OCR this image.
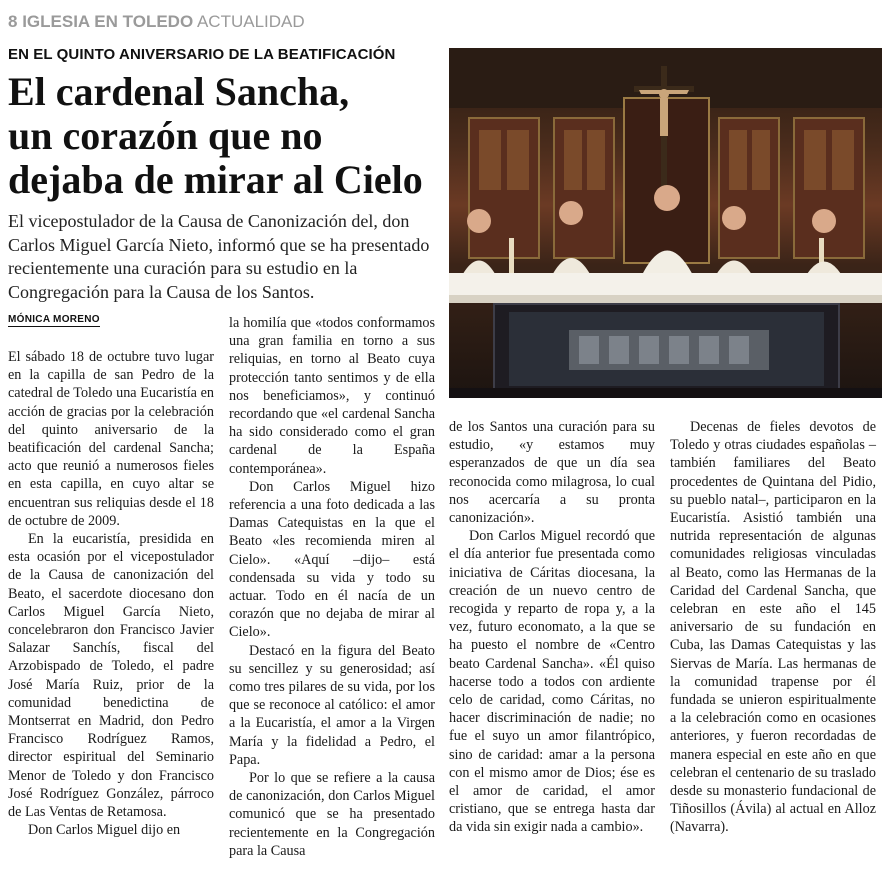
8 IGLESIA EN TOLEDO ACTUALIDAD
EN EL QUINTO ANIVERSARIO DE LA BEATIFICACIÓN
El cardenal Sancha,
un corazón que no
dejaba de mirar al Cielo

El vicepostulador de la Causa de Canonización del, don Carlos Miguel García Nieto, informó que se ha presentado recientemente una curación para su estudio en la Congregación para la Causa de los Santos.

MÓNICA MORENO

El sábado 18 de octubre tuvo lugar en la capilla de san Pedro de la catedral de Toledo una Eucaristía en acción de gracias por la celebración del quinto aniversario de la beatificación del cardenal Sancha; acto que reunió a numerosos fieles en esta capilla, en cuyo altar se encuentran sus reliquias desde el 18 de octubre de 2009.

En la eucaristía, presidida en esta ocasión por el vicepostulador de la Causa de canonización del Beato, el sacerdote diocesano don Carlos Miguel García Nieto, concelebraron don Francisco Javier Salazar Sanchís, fiscal del Arzobispado de Toledo, el padre José María Ruiz, prior de la comunidad benedictina de Montserrat en Madrid, don Pedro Francisco Rodríguez Ramos, director espiritual del Seminario Menor de Toledo y don Francisco José Rodríguez González, párroco de Las Ventas de Retamosa.

Don Carlos Miguel dijo en

la homilía que «todos conformamos una gran familia en torno a sus reliquias, en torno al Beato cuya protección tanto sentimos y de ella nos beneficiamos», y continuó recordando que «el cardenal Sancha ha sido considerado como el gran cardenal de la España contemporánea».

Don Carlos Miguel hizo referencia a una foto dedicada a las Damas Catequistas en la que el Beato «les recomienda miren al Cielo». «Aquí –dijo– está condensada su vida y todo su actuar. Todo en él nacía de un corazón que no dejaba de mirar al Cielo».

Destacó en la figura del Beato su sencillez y su generosidad; así como tres pilares de su vida, por los que se reconoce al católico: el amor a la Eucaristía, el amor a la Virgen María y la fidelidad a Pedro, el Papa.

Por lo que se refiere a la causa de canonización, don Carlos Miguel comunicó que se ha presentado recientemente en la Congregación para la Causa

de los Santos una curación para su estudio, «y estamos muy esperanzados de que un día sea reconocida como milagrosa, lo cual nos acercaría a su pronta canonización».

Don Carlos Miguel recordó que el día anterior fue presentada como iniciativa de Cáritas diocesana, la creación de un nuevo centro de recogida y reparto de ropa y, a la vez, futuro economato, a la que se ha puesto el nombre de «Centro beato Cardenal Sancha». «Él quiso hacerse todo a todos con ardiente celo de caridad, como Cáritas, no hacer discriminación de nadie; no fue el suyo un amor filantrópico, sino de caridad: amar a la persona con el mismo amor de Dios; ése es el amor de caridad, el amor cristiano, que se entrega hasta dar da vida sin exigir nada a cambio».

Decenas de fieles devotos de Toledo y otras ciudades españolas –también familiares del Beato procedentes de Quintana del Pidio, su pueblo natal–, participaron en la Eucaristía. Asistió también una nutrida representación de algunas comunidades religiosas vinculadas al Beato, como las Hermanas de la Caridad del Cardenal Sancha, que celebran en este año el 145 aniversario de su fundación en Cuba, las Damas Catequistas y las Siervas de María. Las hermanas de la comunidad trapense por él fundada se unieron espiritualmente a la celebración como en ocasiones anteriores, y fueron recordadas de manera especial en este año en que celebran el centenario de su traslado desde su monasterio fundacional de Tiñosillos (Ávila) al actual en Alloz (Navarra).
